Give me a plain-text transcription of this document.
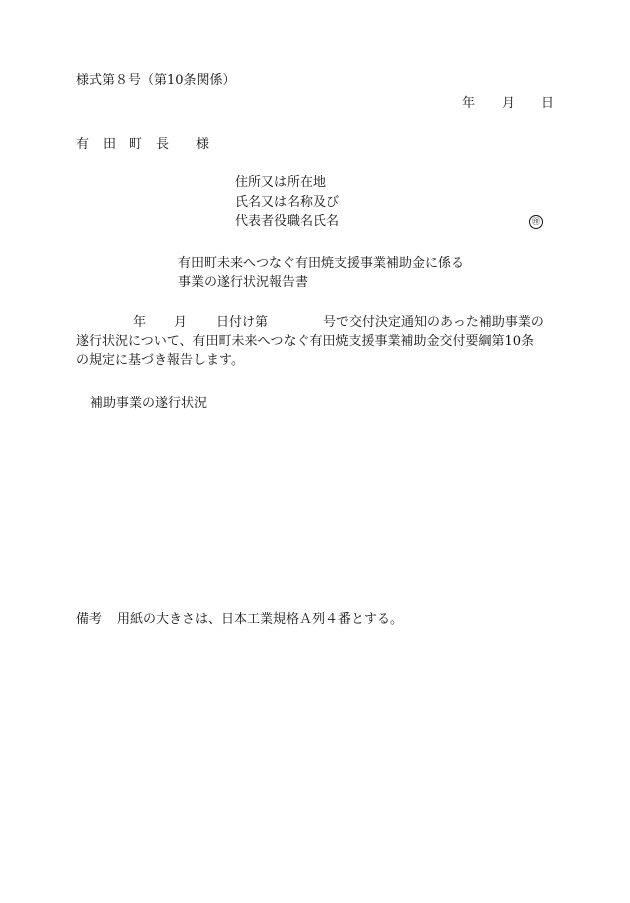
様式第８号（第10条関係）
年 月 日
有 田 町 長 様
住所又は所在地
氏名又は名称及び
代表者役職名氏名	㊞
有田町未来へつなぐ有田焼支援事業補助金に係る
事業の遂行状況報告書
年 月 日付け第	号で交付決定通知のあった補助事業の
遂行状況について、有田町未来へつなぐ有田焼支援事業補助金交付要綱第10条
の規定に基づき報告します。
補助事業の遂行状況
備考 用紙の大きさは、日本工業規格Ａ列４番とする。
